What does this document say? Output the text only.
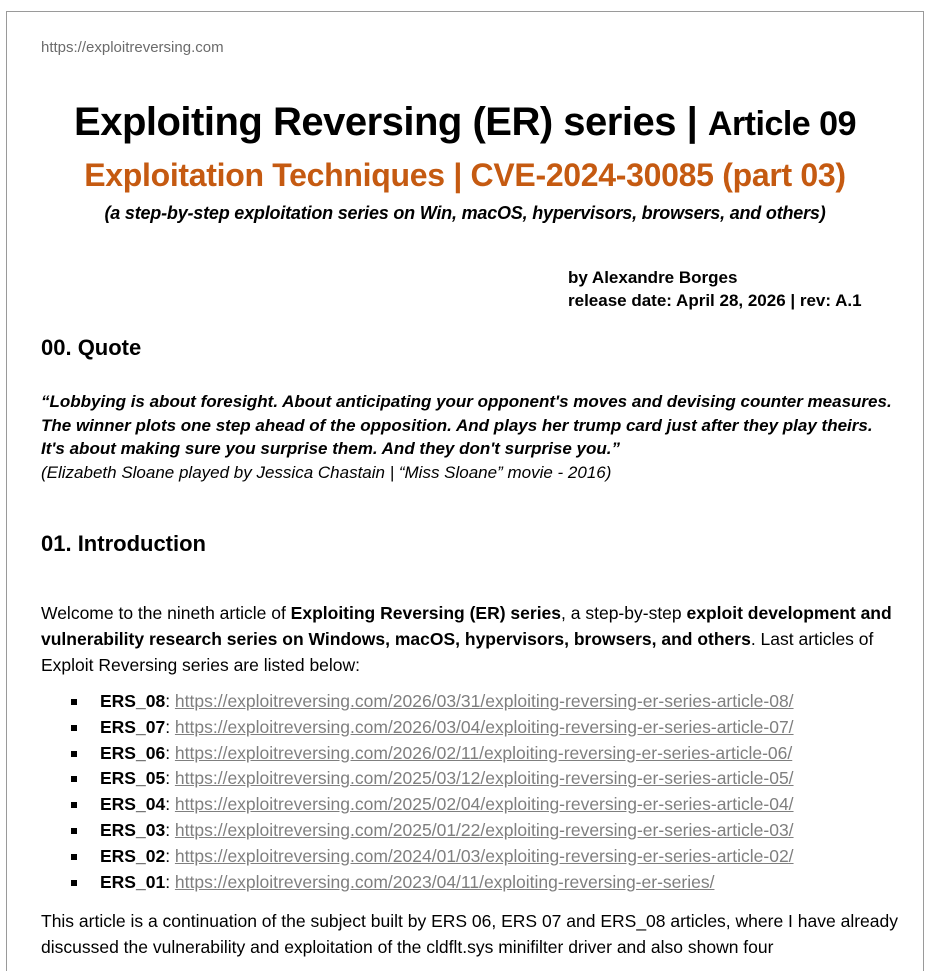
https://exploitreversing.com
Exploiting Reversing (ER) series | Article 09
Exploitation Techniques | CVE-2024-30085 (part 03)
(a step-by-step exploitation series on Win, macOS, hypervisors, browsers, and others)
by Alexandre Borges
release date: April 28, 2026 | rev: A.1
00. Quote
“Lobbying is about foresight. About anticipating your opponent's moves and devising counter measures. The winner plots one step ahead of the opposition. And plays her trump card just after they play theirs. It's about making sure you surprise them. And they don't surprise you.”
(Elizabeth Sloane played by Jessica Chastain | “Miss Sloane” movie - 2016)
01. Introduction
Welcome to the nineth article of Exploiting Reversing (ER) series, a step-by-step exploit development and vulnerability research series on Windows, macOS, hypervisors, browsers, and others. Last articles of Exploit Reversing series are listed below:
ERS_08: https://exploitreversing.com/2026/03/31/exploiting-reversing-er-series-article-08/
ERS_07: https://exploitreversing.com/2026/03/04/exploiting-reversing-er-series-article-07/
ERS_06: https://exploitreversing.com/2026/02/11/exploiting-reversing-er-series-article-06/
ERS_05: https://exploitreversing.com/2025/03/12/exploiting-reversing-er-series-article-05/
ERS_04: https://exploitreversing.com/2025/02/04/exploiting-reversing-er-series-article-04/
ERS_03: https://exploitreversing.com/2025/01/22/exploiting-reversing-er-series-article-03/
ERS_02: https://exploitreversing.com/2024/01/03/exploiting-reversing-er-series-article-02/
ERS_01: https://exploitreversing.com/2023/04/11/exploiting-reversing-er-series/
This article is a continuation of the subject built by ERS 06, ERS 07 and ERS_08 articles, where I have already discussed the vulnerability and exploitation of the cldflt.sys minifilter driver and also shown four
